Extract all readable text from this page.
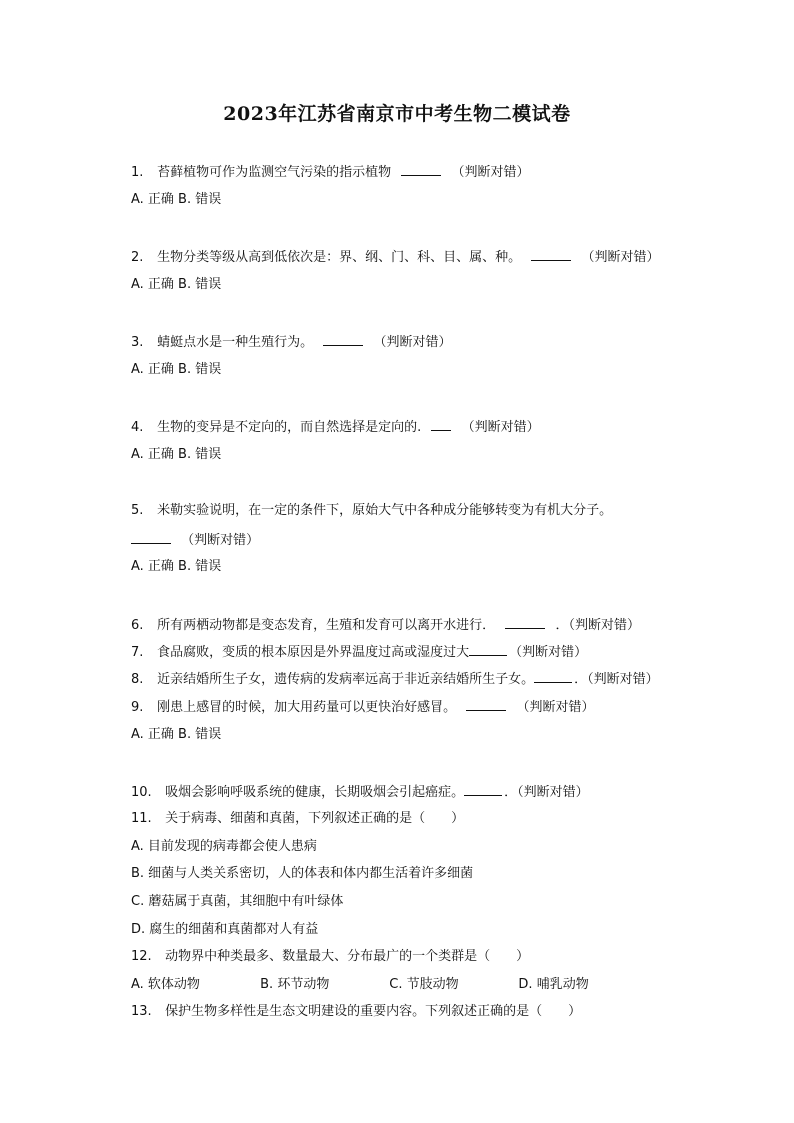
2023年江苏省南京市中考生物二模试卷
1. 苔藓植物可作为监测空气污染的指示植物	（判断对错）
A. 正确 B. 错误
2. 生物分类等级从高到低依次是：界、纲、门、科、目、属、种。	（判断对错）
A. 正确 B. 错误
3. 蜻蜓点水是一种生殖行为。	（判断对错）
A. 正确 B. 错误
4. 生物的变异是不定向的，而自然选择是定向的.	（判断对错）
A. 正确 B. 错误
5. 米勒实验说明，在一定的条件下，原始大气中各种成分能够转变为有机大分子。
（判断对错）
A. 正确 B. 错误
6. 所有两栖动物都是变态发育，生殖和发育可以离开水进行．	．（判断对错）
7. 食品腐败，变质的根本原因是外界温度过高或湿度过大	（判断对错）
8. 近亲结婚所生子女，遗传病的发病率远高于非近亲结婚所生子女。	．（判断对错）
9. 刚患上感冒的时候，加大用药量可以更快治好感冒。	（判断对错）
A. 正确 B. 错误
10. 吸烟会影响呼吸系统的健康，长期吸烟会引起癌症。	．（判断对错）
11. 关于病毒、细菌和真菌，下列叙述正确的是（　　）
A. 目前发现的病毒都会使人患病
B. 细菌与人类关系密切，人的体表和体内都生活着许多细菌
C. 蘑菇属于真菌，其细胞中有叶绿体
D. 腐生的细菌和真菌都对人有益
12. 动物界中种类最多、数量最大、分布最广的一个类群是（　　）
A. 软体动物	B. 环节动物	C. 节肢动物	D. 哺乳动物
13. 保护生物多样性是生态文明建设的重要内容。下列叙述正确的是（　　）
